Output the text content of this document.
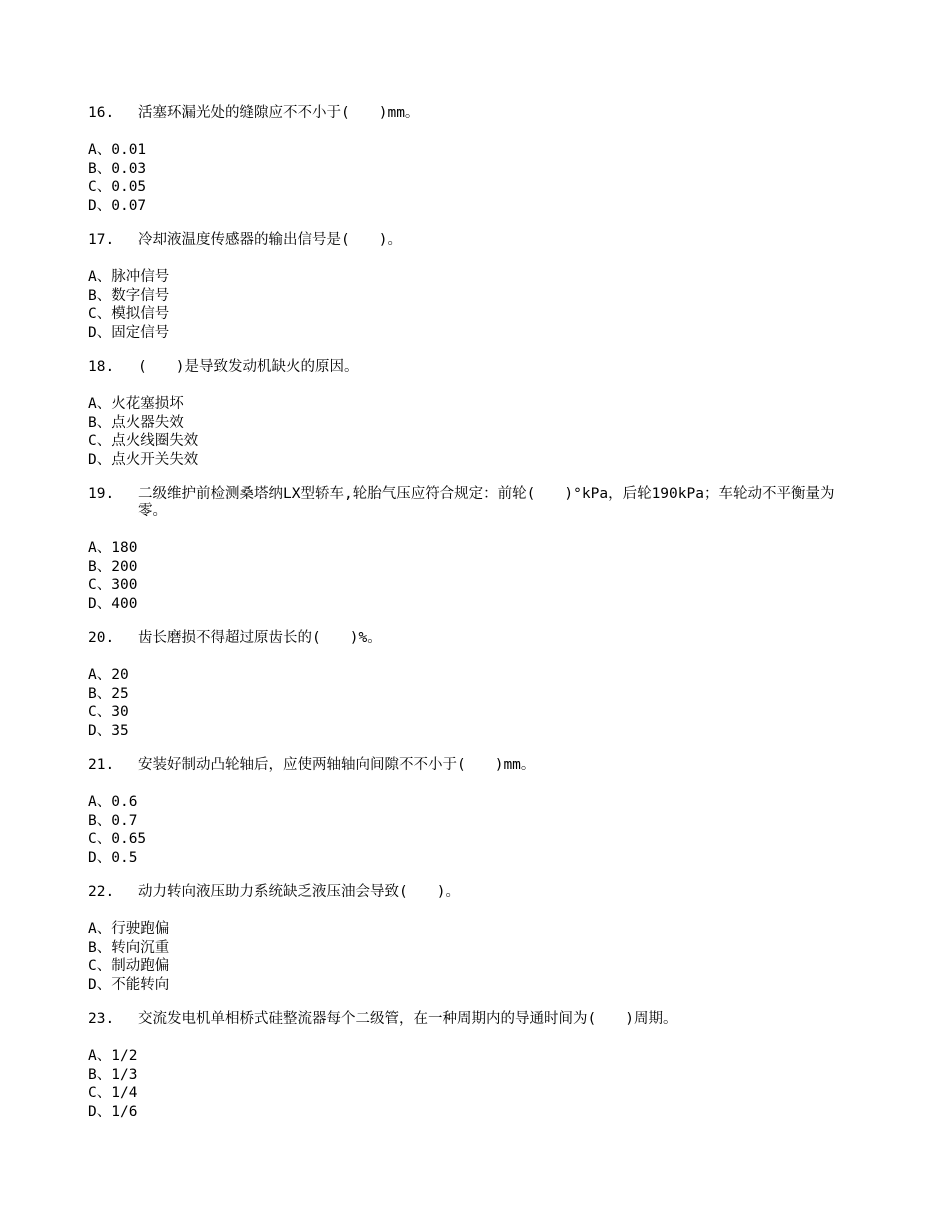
16.	活塞环漏光处的缝隙应不不小于(　　)mm。
A、0.01
B、0.03
C、0.05
D、0.07
17.	冷却液温度传感器的输出信号是(　　)。
A、脉冲信号
B、数字信号
C、模拟信号
D、固定信号
18.	(　　)是导致发动机缺火的原因。
A、火花塞损坏
B、点火器失效
C、点火线圈失效
D、点火开关失效
19.	二级维护前检测桑塔纳LX型轿车,轮胎气压应符合规定：前轮(　　)°kPa，后轮190kPa；车轮动不平衡量为零。
A、180
B、200
C、300
D、400
20.	齿长磨损不得超过原齿长的(　　)%。
A、20
B、25
C、30
D、35
21.	安装好制动凸轮轴后，应使两轴轴向间隙不不小于(　　)mm。
A、0.6
B、0.7
C、0.65
D、0.5
22.	动力转向液压助力系统缺乏液压油会导致(　　)。
A、行驶跑偏
B、转向沉重
C、制动跑偏
D、不能转向
23.	交流发电机单相桥式硅整流器每个二级管，在一种周期内的导通时间为(　　)周期。
A、1/2
B、1/3
C、1/4
D、1/6
